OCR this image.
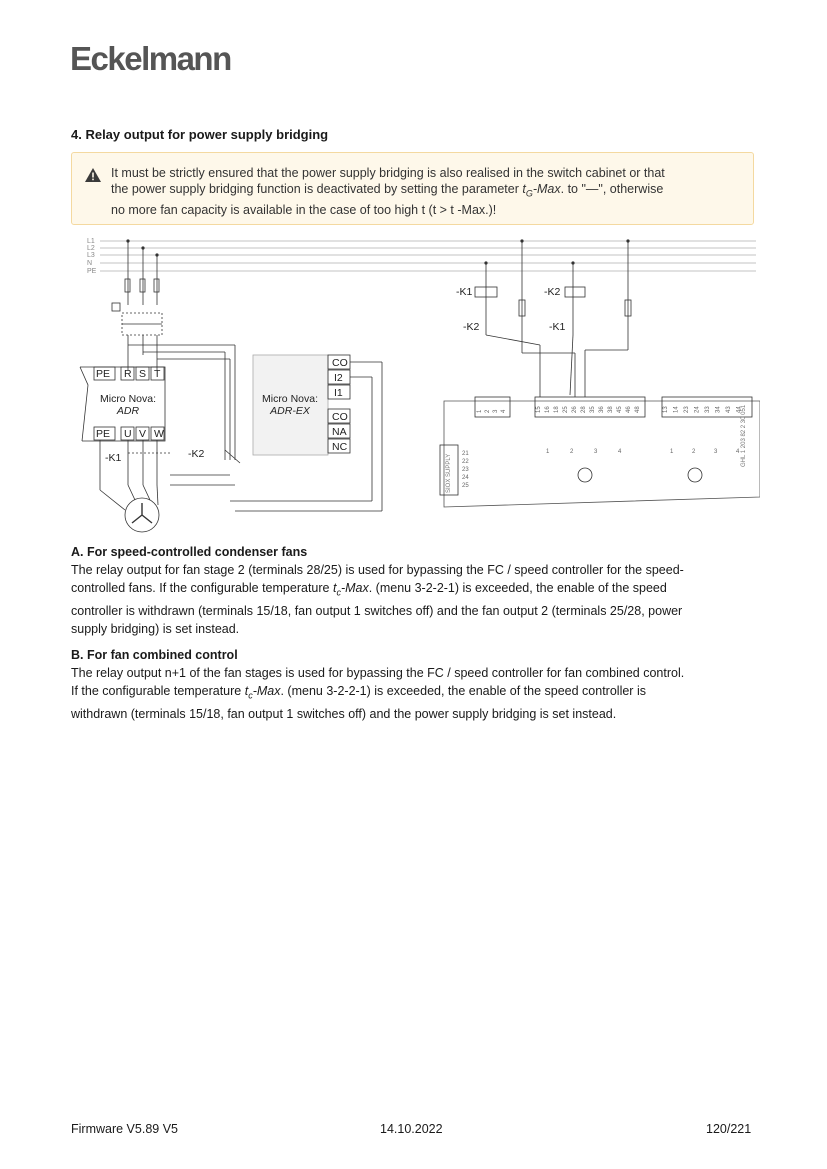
Eckelmann
4. Relay output for power supply bridging
It must be strictly ensured that the power supply bridging is also realised in the switch cabinet or that
the power supply bridging function is deactivated by setting the parameter $t_G$-Max. to "—", otherwise
no more fan capacity is available in the case of too high t (t > t -Max.)!
L1
L2
L3
N
PE
PE R S T
Micro Nova:
ADR
PE U V W
-K1	-K2
Micro Nova:
ADR-EX
CO
I2
I1
CO
NA
NC
-K1	-K2
-K2	-K1
SIOX SUPPLY
GHL 1 203 82 2 30 051
1 2 3 4	15 16 18 25 26 28 35 36 38 45 46 48	13 14 23 24 33 34 43 44
21
22
23
24
25
1	2	3	4	1	2	3	4
A. For speed-controlled condenser fans
The relay output for fan stage 2 (terminals 28/25) is used for bypassing the FC / speed controller for the speed-
controlled fans. If the configurable temperature $t_c$-Max. (menu 3-2-2-1) is exceeded, the enable of the speed
controller is withdrawn (terminals 15/18, fan output 1 switches off) and the fan output 2 (terminals 25/28, power
supply bridging) is set instead.
B. For fan combined control
The relay output n+1 of the fan stages is used for bypassing the FC / speed controller for fan combined control.
If the configurable temperature $t_c$-Max. (menu 3-2-2-1) is exceeded, the enable of the speed controller is
withdrawn (terminals 15/18, fan output 1 switches off) and the power supply bridging is set instead.
Firmware V5.89 V5	14.10.2022	120/221
